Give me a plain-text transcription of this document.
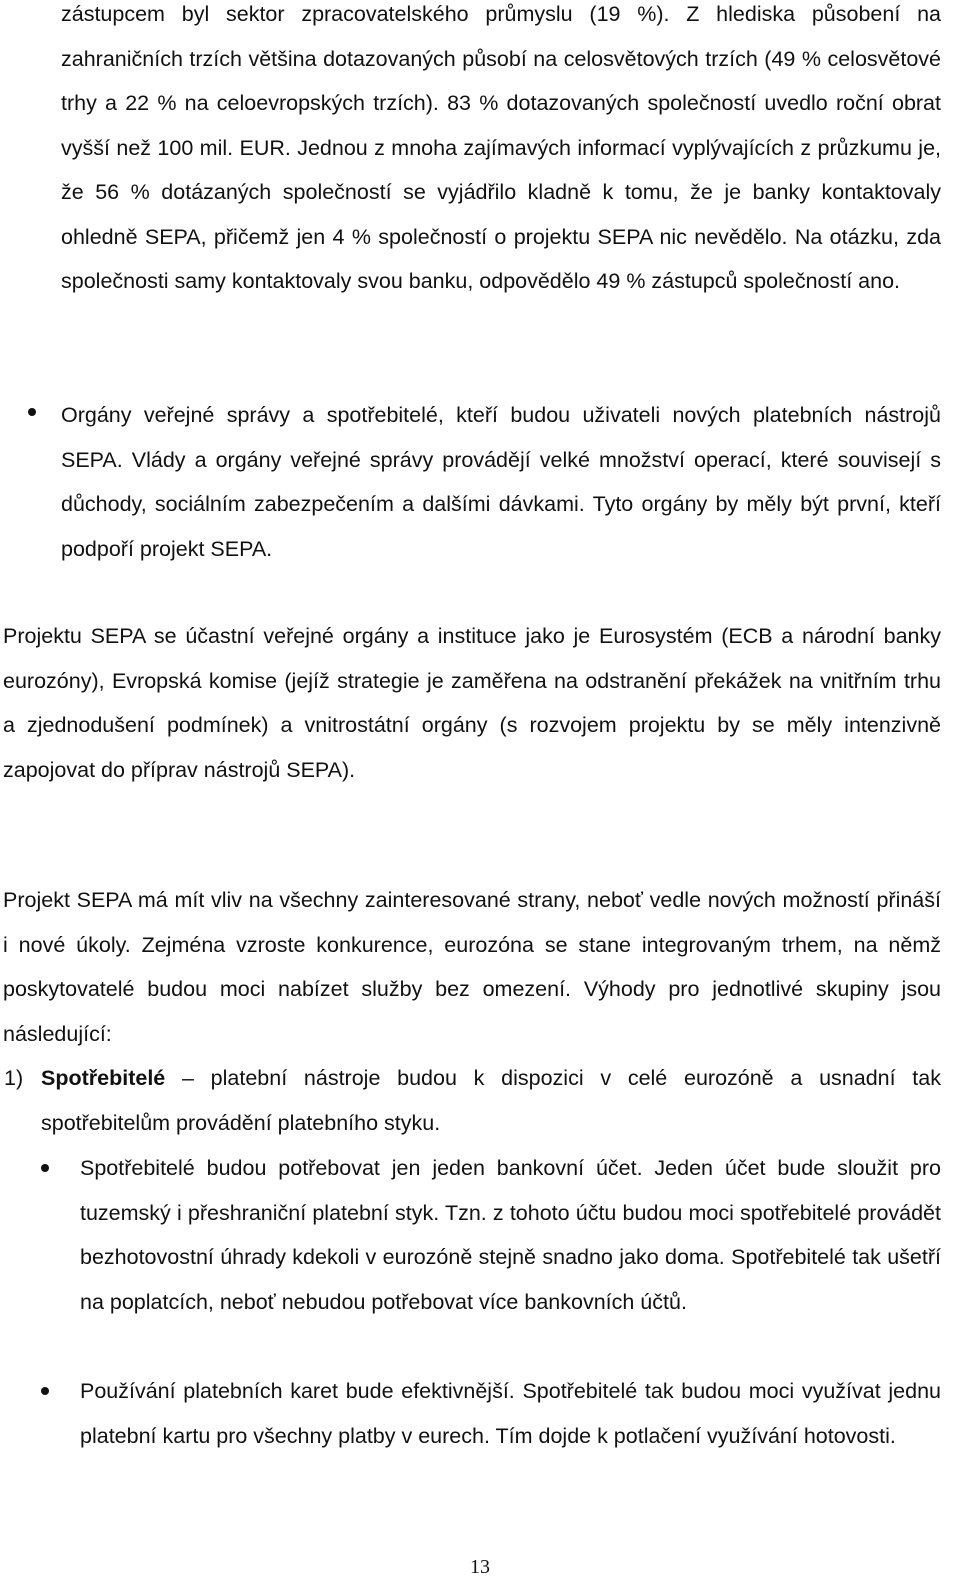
zástupcem byl sektor zpracovatelského průmyslu (19 %). Z hlediska působení na zahraničních trzích většina dotazovaných působí na celosvětových trzích (49 % celosvětové trhy a 22 % na celoevropských trzích). 83 % dotazovaných společností uvedlo roční obrat vyšší než 100 mil. EUR. Jednou z mnoha zajímavých informací vyplývajících z průzkumu je, že 56 % dotázaných společností se vyjádřilo kladně k tomu, že je banky kontaktovaly ohledně SEPA, přičemž jen 4 % společností o projektu SEPA nic nevědělo. Na otázku, zda společnosti samy kontaktovaly svou banku, odpovědělo 49 % zástupců společností ano.

Orgány veřejné správy a spotřebitelé, kteří budou uživateli nových platebních nástrojů SEPA. Vlády a orgány veřejné správy provádějí velké množství operací, které souvisejí s důchody, sociálním zabezpečením a dalšími dávkami. Tyto orgány by měly být první, kteří podpoří projekt SEPA.

Projektu SEPA se účastní veřejné orgány a instituce jako je Eurosystém (ECB a národní banky eurozóny), Evropská komise (jejíž strategie je zaměřena na odstranění překážek na vnitřním trhu a zjednodušení podmínek) a vnitrostátní orgány (s rozvojem projektu by se měly intenzivně zapojovat do příprav nástrojů SEPA).

Projekt SEPA má mít vliv na všechny zainteresované strany, neboť vedle nových možností přináší i nové úkoly. Zejména vzroste konkurence, eurozóna se stane integrovaným trhem, na němž poskytovatelé budou moci nabízet služby bez omezení. Výhody pro jednotlivé skupiny jsou následující:

1) Spotřebitelé – platební nástroje budou k dispozici v celé eurozóně a usnadní tak spotřebitelům provádění platebního styku.

Spotřebitelé budou potřebovat jen jeden bankovní účet. Jeden účet bude sloužit pro tuzemský i přeshraniční platební styk. Tzn. z tohoto účtu budou moci spotřebitelé provádět bezhotovostní úhrady kdekoli v eurozóně stejně snadno jako doma. Spotřebitelé tak ušetří na poplatcích, neboť nebudou potřebovat více bankovních účtů.

Používání platebních karet bude efektivnější. Spotřebitelé tak budou moci využívat jednu platební kartu pro všechny platby v eurech. Tím dojde k potlačení využívání hotovosti.

13
